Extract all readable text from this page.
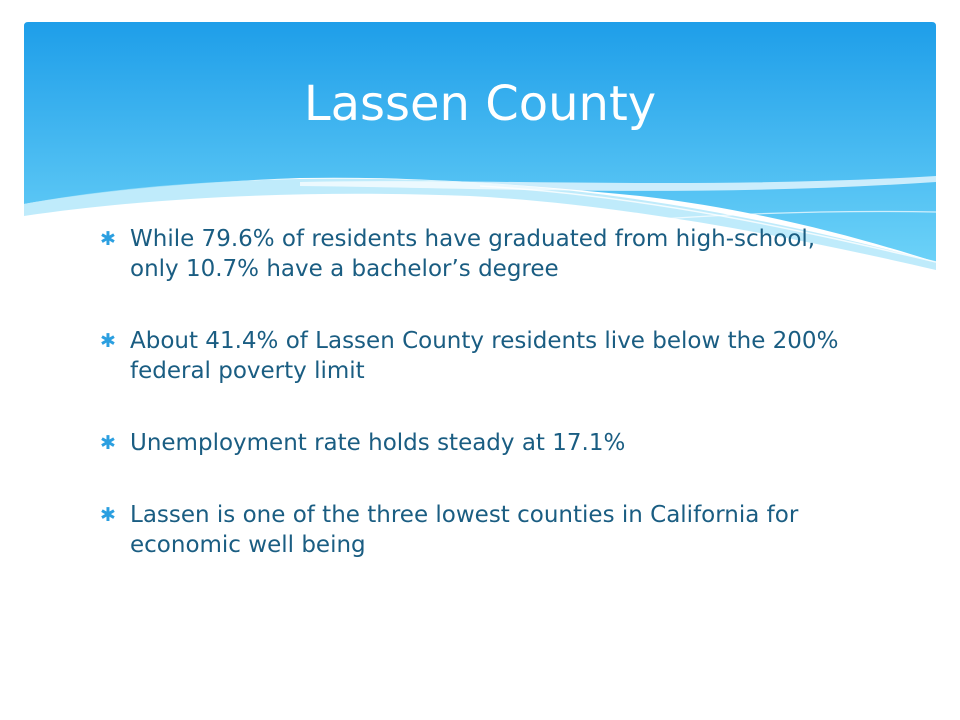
Lassen County
✱ While 79.6% of residents have graduated from high-school, only 10.7% have a bachelor’s degree
✱ About 41.4% of Lassen County residents live below the 200% federal poverty limit
✱ Unemployment rate holds steady at 17.1%
✱ Lassen is one of the three lowest counties in California for economic well being
